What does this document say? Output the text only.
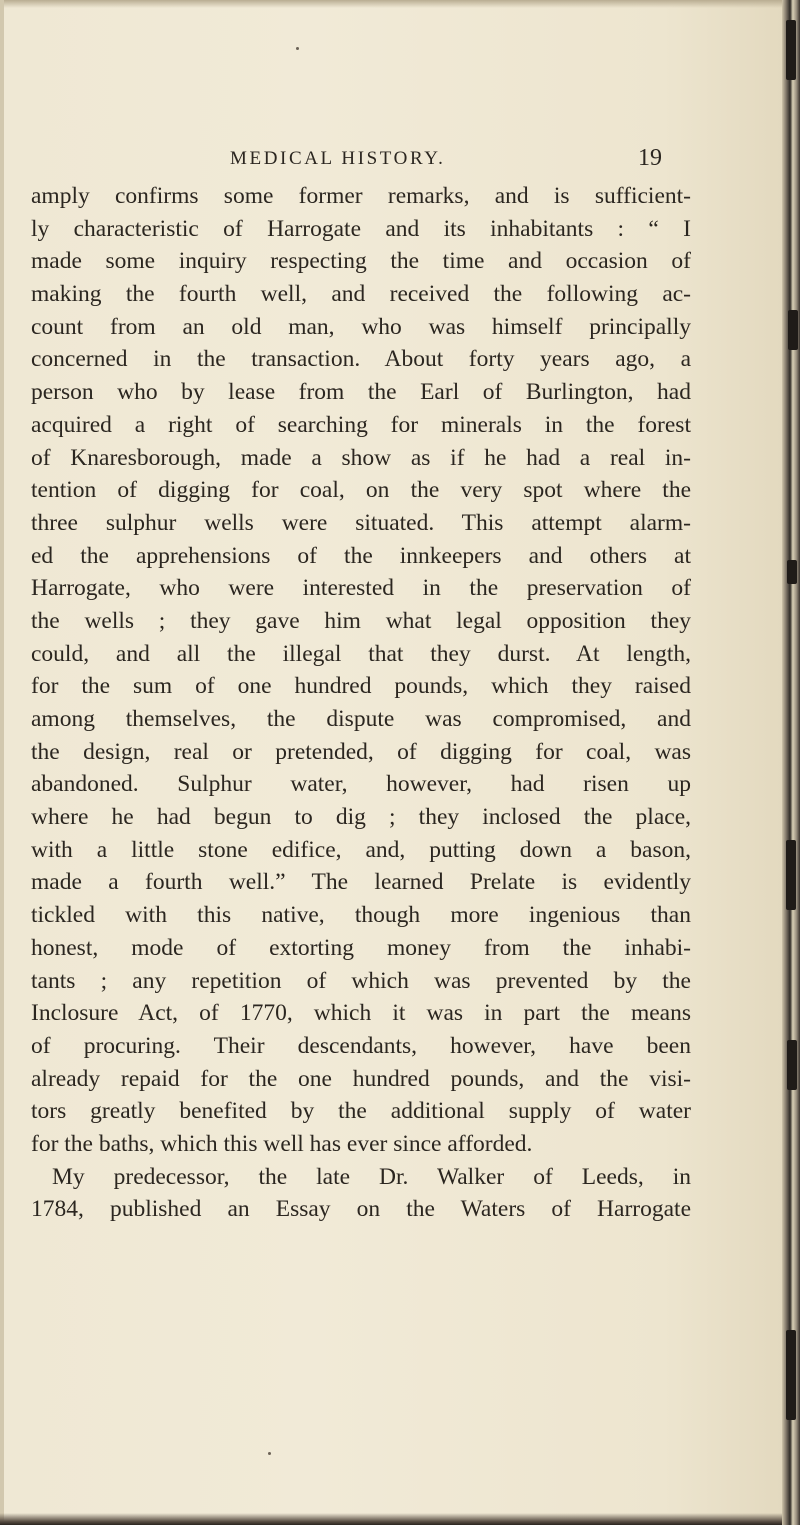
MEDICAL HISTORY.	19
amply confirms some former remarks, and is sufficient-
ly characteristic of Harrogate and its inhabitants : “ I
made some inquiry respecting the time and occasion of
making the fourth well, and received the following ac-
count from an old man, who was himself principally
concerned in the transaction. About forty years ago, a
person who by lease from the Earl of Burlington, had
acquired a right of searching for minerals in the forest
of Knaresborough, made a show as if he had a real in-
tention of digging for coal, on the very spot where the
three sulphur wells were situated. This attempt alarm-
ed the apprehensions of the innkeepers and others at
Harrogate, who were interested in the preservation of
the wells ; they gave him what legal opposition they
could, and all the illegal that they durst. At length,
for the sum of one hundred pounds, which they raised
among themselves, the dispute was compromised, and
the design, real or pretended, of digging for coal, was
abandoned. Sulphur water, however, had risen up
where he had begun to dig ; they inclosed the place,
with a little stone edifice, and, putting down a bason,
made a fourth well.” The learned Prelate is evidently
tickled with this native, though more ingenious than
honest, mode of extorting money from the inhabi-
tants ; any repetition of which was prevented by the
Inclosure Act, of 1770, which it was in part the means
of procuring. Their descendants, however, have been
already repaid for the one hundred pounds, and the visi-
tors greatly benefited by the additional supply of water
for the baths, which this well has ever since afforded.
My predecessor, the late Dr. Walker of Leeds, in
1784, published an Essay on the Waters of Harrogate
